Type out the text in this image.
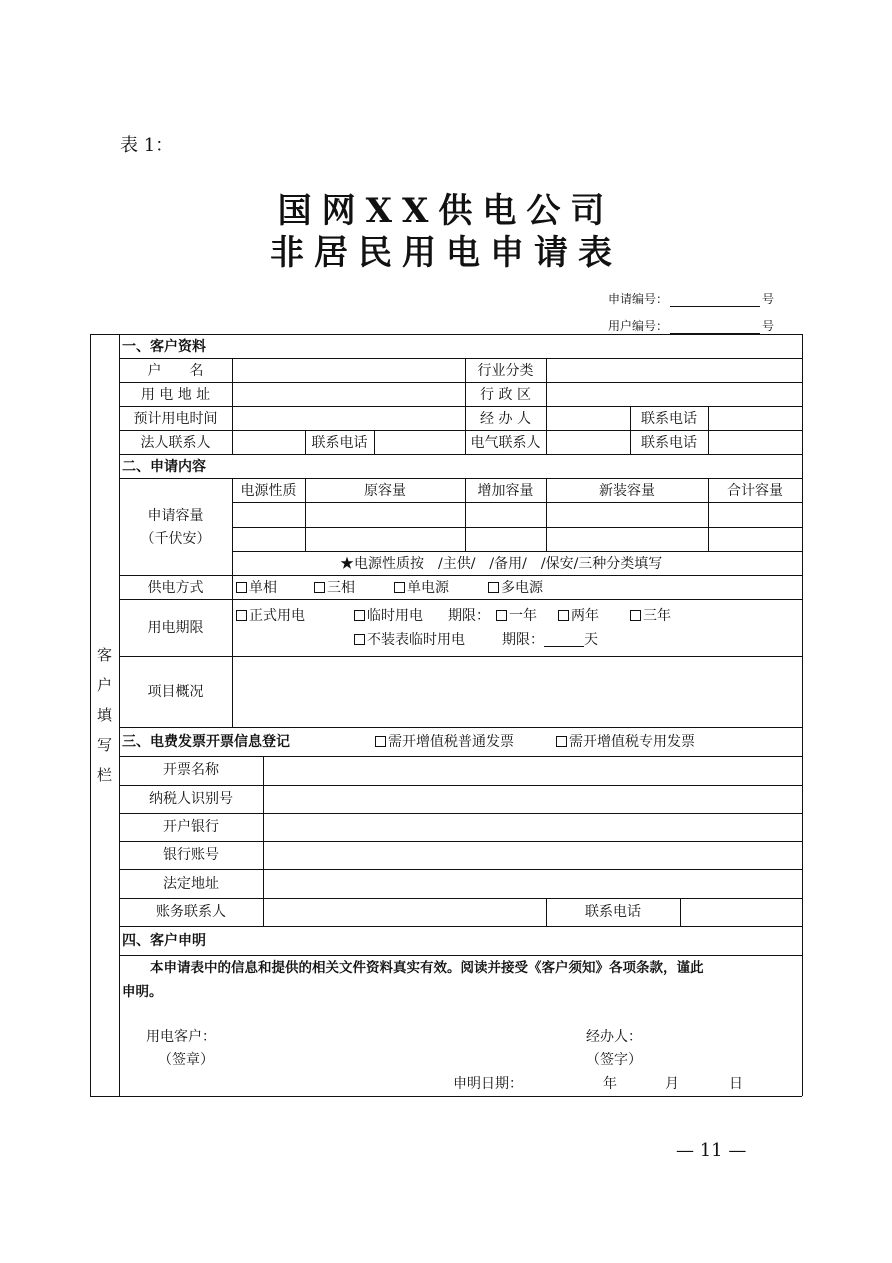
表 1：
国网XX供电公司
非居民用电申请表
申请编号：	号
用户编号：	号
客
户
填
写
栏
一、客户资料
户　　名	行业分类
用 电 地 址	行 政 区
预计用电时间	经 办 人	联系电话
法人联系人	联系电话	电气联系人	联系电话
二、申请内容
申请容量
（千伏安）
电源性质	原容量	增加容量	新装容量	合计容量
★电源性质按　/主供/　/备用/　/保安/三种分类填写
供电方式	单相	三相	单电源	多电源
用电期限
正式用电	临时用电 期限：	一年	两年	三年
不装表临时用电	期限：	天
项目概况
三、电费发票开票信息登记	需开增值税普通发票	需开增值税专用发票
开票名称
纳税人识别号
开户银行
银行账号
法定地址
账务联系人	联系电话
四、客户申明
本申请表中的信息和提供的相关文件资料真实有效。阅读并接受《客户须知》各项条款，谨此
申明。
用电客户：
（签章）
经办人：
（签字）
申明日期：	年	月	日
— 11 —
